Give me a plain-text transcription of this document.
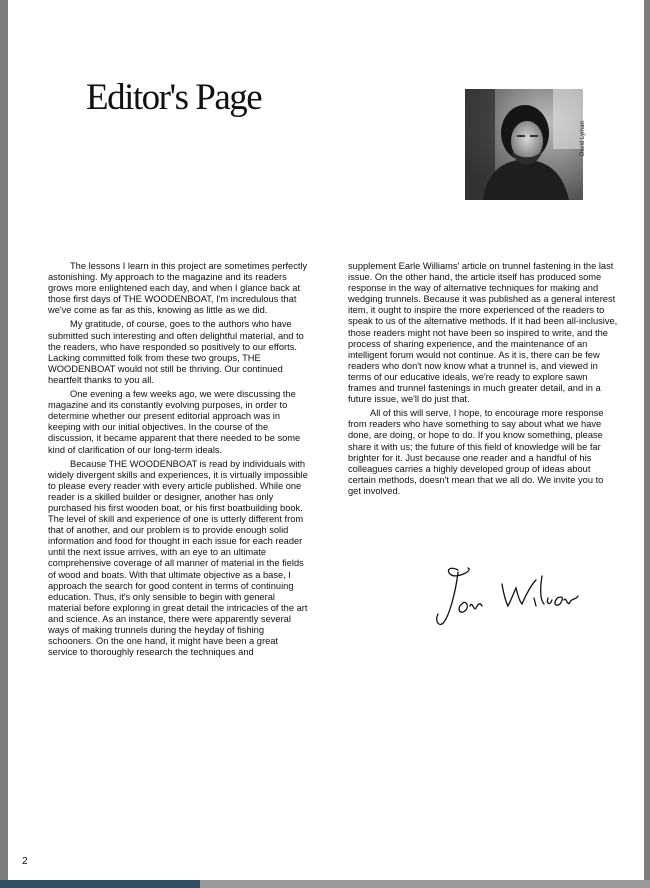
Editor's Page
David Lyman

The lessons I learn in this project are sometimes perfectly astonishing. My approach to the magazine and its readers grows more enlightened each day, and when I glance back at those first days of THE WOODENBOAT, I'm incredulous that we've come as far as this, knowing as little as we did.

My gratitude, of course, goes to the authors who have submitted such interesting and often delightful material, and to the readers, who have responded so positively to our efforts. Lacking committed folk from these two groups, THE WOODENBOAT would not still be thriving. Our continued heartfelt thanks to you all.

One evening a few weeks ago, we were discussing the magazine and its constantly evolving purposes, in order to determine whether our present editorial approach was in keeping with our initial objectives. In the course of the discussion, it became apparent that there needed to be some kind of clarification of our long-term ideals.

Because THE WOODENBOAT is read by individuals with widely divergent skills and experiences, it is virtually impossible to please every reader with every article published. While one reader is a skilled builder or designer, another has only purchased his first wooden boat, or his first boatbuilding book. The level of skill and experience of one is utterly different from that of another, and our problem is to provide enough solid information and food for thought in each issue for each reader until the next issue arrives, with an eye to an ultimate comprehensive coverage of all manner of material in the fields of wood and boats. With that ultimate objective as a base, I approach the search for good content in terms of continuing education. Thus, it's only sensible to begin with general material before exploring in great detail the intricacies of the art and science. As an instance, there were apparently several ways of making trunnels during the heyday of fishing schooners. On the one hand, it might have been a great service to thoroughly research the techniques and

supplement Earle Williams' article on trunnel fastening in the last issue. On the other hand, the article itself has produced some response in the way of alternative techniques for making and wedging trunnels. Because it was published as a general interest item, it ought to inspire the more experienced of the readers to speak to us of the alternative methods. If it had been all-inclusive, those readers might not have been so inspired to write, and the process of sharing experience, and the maintenance of an intelligent forum would not continue. As it is, there can be few readers who don't now know what a trunnel is, and viewed in terms of our educative ideals, we're ready to explore sawn frames and trunnel fastenings in much greater detail, and in a future issue, we'll do just that.

All of this will serve, I hope, to encourage more response from readers who have something to say about what we have done, are doing, or hope to do. If you know something, please share it with us; the future of this field of knowledge will be far brighter for it. Just because one reader and a handful of his colleagues carries a highly developed group of ideas about certain methods, doesn't mean that we all do. We invite you to get involved.

2
